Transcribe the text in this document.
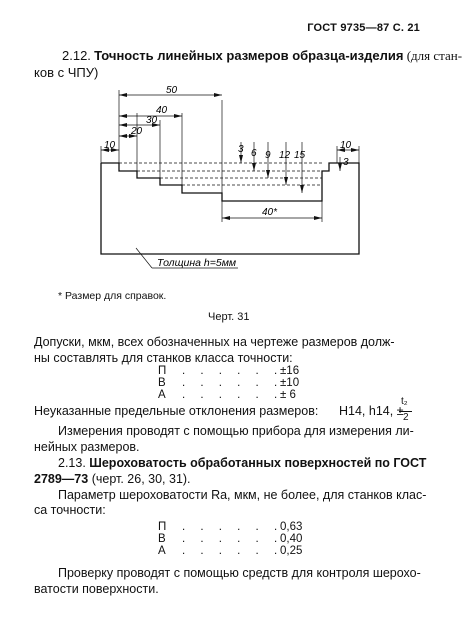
ГОСТ 9735—87 С. 21
2.12. Точность линейных размеров образца-изделия (для стан-
ков с ЧПУ)
50
40
30
20
10	10
40*
3 6 9 12 15
3
Толщина h=5мм
* Размер для справок.
Черт. 31
Допуски, мкм, всех обозначенных на чертеже размеров долж-
ны составлять для станков класса точности:
П . . . . . .
±16
В . . . . . .
±10
А . . . . . .
± 6
Неуказанные предельные отклонения размеров: H14, h14, ±
t₂
2
Измерения проводят с помощью прибора для измерения ли-
нейных размеров.
2.13. Шероховатость обработанных поверхностей по ГОСТ
2789—73 (черт. 26, 30, 31).
Параметр шероховатости Ra, мкм, не более, для станков клас-
са точности:
П . . . . . .
0,63
В . . . . . .
0,40
А . . . . . .
0,25
Проверку проводят с помощью средств для контроля шерохо-
ватости поверхности.
